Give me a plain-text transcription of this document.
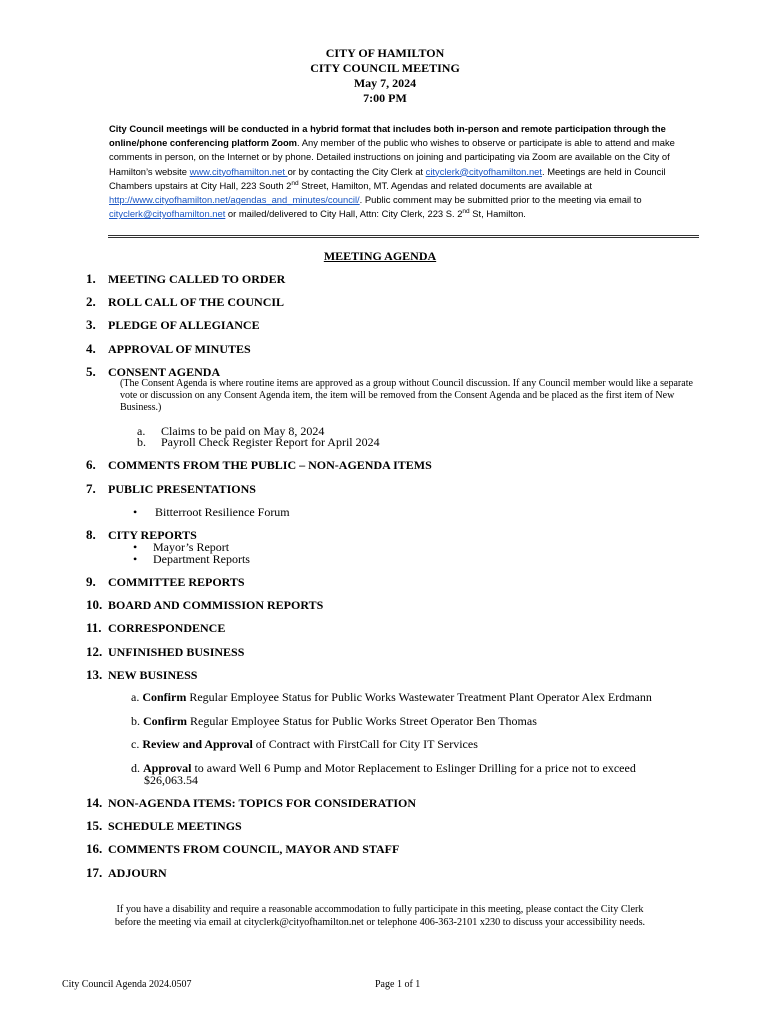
CITY OF HAMILTON
CITY COUNCIL MEETING
May 7, 2024
7:00 PM
City Council meetings will be conducted in a hybrid format that includes both in-person and remote participation through the online/phone conferencing platform Zoom. Any member of the public who wishes to observe or participate is able to attend and make comments in person, on the Internet or by phone. Detailed instructions on joining and participating via Zoom are available on the City of Hamilton’s website www.cityofhamilton.net or by contacting the City Clerk at cityclerk@cityofhamilton.net. Meetings are held in Council Chambers upstairs at City Hall, 223 South 2nd Street, Hamilton, MT. Agendas and related documents are available at http://www.cityofhamilton.net/agendas_and_minutes/council/. Public comment may be submitted prior to the meeting via email to cityclerk@cityofhamilton.net or mailed/delivered to City Hall, Attn: City Clerk, 223 S. 2nd St, Hamilton.
MEETING AGENDA
1. MEETING CALLED TO ORDER
2. ROLL CALL OF THE COUNCIL
3. PLEDGE OF ALLEGIANCE
4. APPROVAL OF MINUTES
5. CONSENT AGENDA
(The Consent Agenda is where routine items are approved as a group without Council discussion. If any Council member would like a separate vote or discussion on any Consent Agenda item, the item will be removed from the Consent Agenda and be placed as the first item of New Business.)
a. Claims to be paid on May 8, 2024
b. Payroll Check Register Report for April 2024
6. COMMENTS FROM THE PUBLIC – NON-AGENDA ITEMS
7. PUBLIC PRESENTATIONS
• Bitterroot Resilience Forum
8. CITY REPORTS
• Mayor’s Report
• Department Reports
9. COMMITTEE REPORTS
10. BOARD AND COMMISSION REPORTS
11. CORRESPONDENCE
12. UNFINISHED BUSINESS
13. NEW BUSINESS
a. Confirm Regular Employee Status for Public Works Wastewater Treatment Plant Operator Alex Erdmann
b. Confirm Regular Employee Status for Public Works Street Operator Ben Thomas
c. Review and Approval of Contract with FirstCall for City IT Services
d. Approval to award Well 6 Pump and Motor Replacement to Eslinger Drilling for a price not to exceed
$26,063.54
14. NON-AGENDA ITEMS: TOPICS FOR CONSIDERATION
15. SCHEDULE MEETINGS
16. COMMENTS FROM COUNCIL, MAYOR AND STAFF
17. ADJOURN
If you have a disability and require a reasonable accommodation to fully participate in this meeting, please contact the City Clerk
before the meeting via email at cityclerk@cityofhamilton.net or telephone 406-363-2101 x230 to discuss your accessibility needs.
City Council Agenda 2024.0507	Page 1 of 1
